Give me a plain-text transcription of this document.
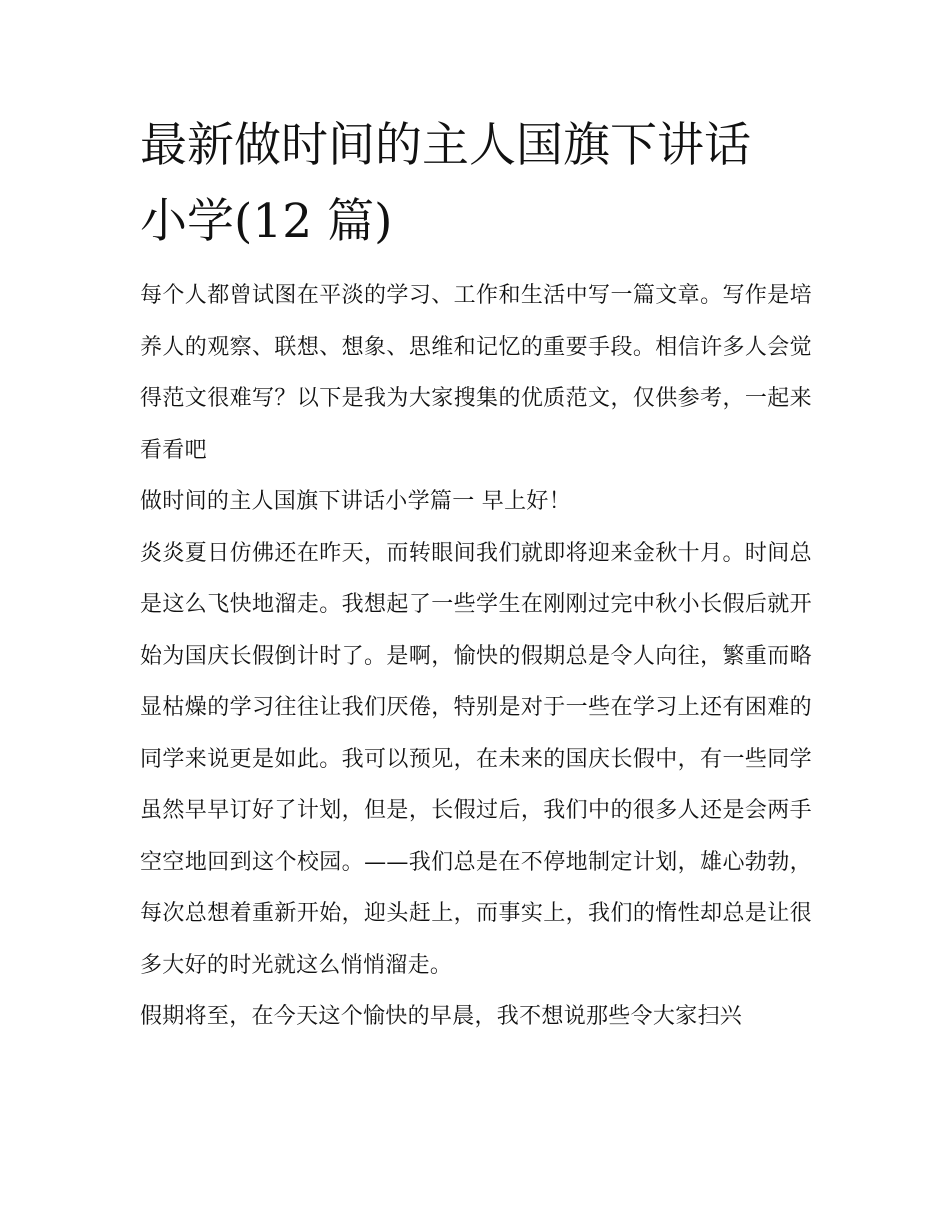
最新做时间的主人国旗下讲话
小学(12 篇)

每个人都曾试图在平淡的学习、工作和生活中写一篇文章。写作是培养人的观察、联想、想象、思维和记忆的重要手段。相信许多人会觉得范文很难写？以下是我为大家搜集的优质范文，仅供参考，一起来看看吧

做时间的主人国旗下讲话小学篇一 早上好！

炎炎夏日仿佛还在昨天，而转眼间我们就即将迎来金秋十月。时间总是这么飞快地溜走。我想起了一些学生在刚刚过完中秋小长假后就开始为国庆长假倒计时了。是啊，愉快的假期总是令人向往，繁重而略显枯燥的学习往往让我们厌倦，特别是对于一些在学习上还有困难的同学来说更是如此。我可以预见，在未来的国庆长假中，有一些同学虽然早早订好了计划，但是，长假过后，我们中的很多人还是会两手空空地回到这个校园。——我们总是在不停地制定计划，雄心勃勃，每次总想着重新开始，迎头赶上，而事实上，我们的惰性却总是让很多大好的时光就这么悄悄溜走。

假期将至，在今天这个愉快的早晨，我不想说那些令大家扫兴
